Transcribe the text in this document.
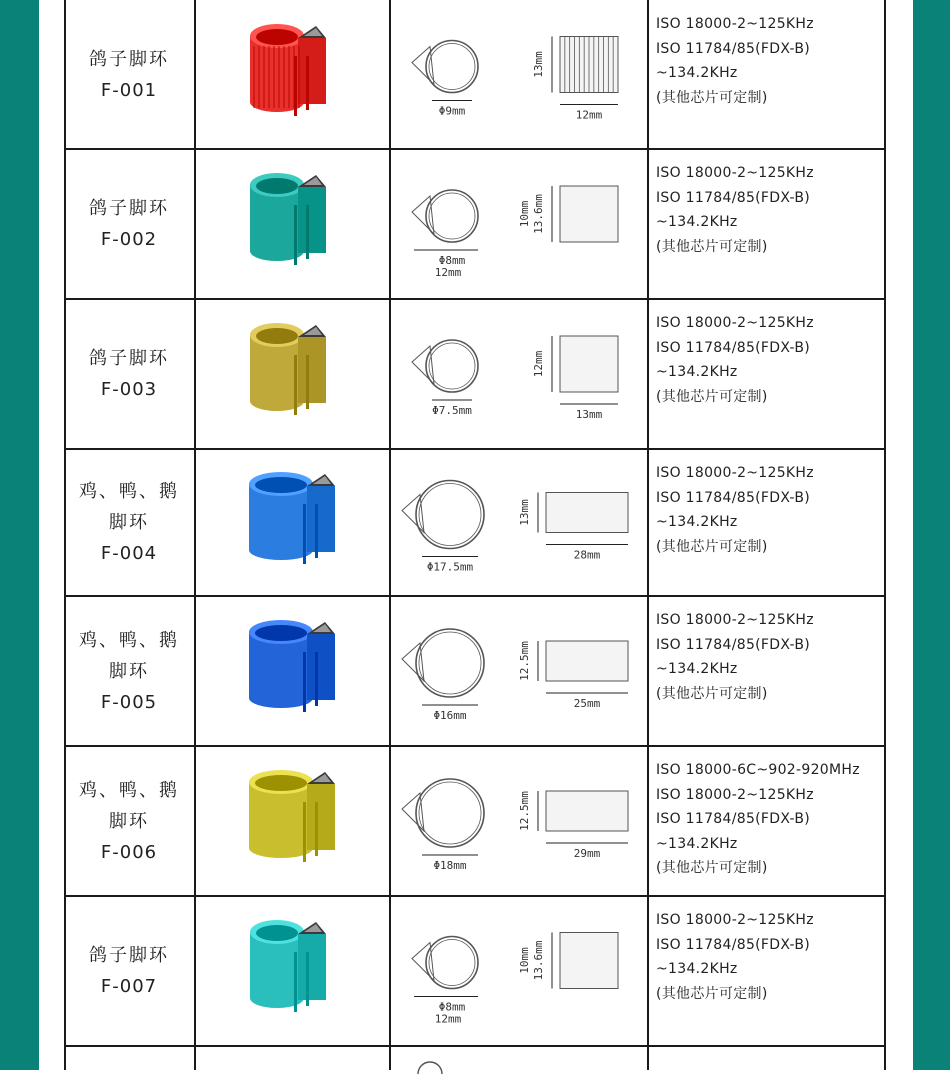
鸽子脚环
F-001
Φ9mm
13mm
12mm
ISO 18000-2~125KHz
ISO 11784/85(FDX-B)
~134.2KHz
(其他芯片可定制)
鸽子脚环
F-002
Φ8mm
13.6mm
12mm
10mm
ISO 18000-2~125KHz
ISO 11784/85(FDX-B)
~134.2KHz
(其他芯片可定制)
鸽子脚环
F-003
Φ7.5mm
12mm
13mm
ISO 18000-2~125KHz
ISO 11784/85(FDX-B)
~134.2KHz
(其他芯片可定制)
鸡、鸭、鹅
脚环
F-004
Φ17.5mm
13mm
28mm
ISO 18000-2~125KHz
ISO 11784/85(FDX-B)
~134.2KHz
(其他芯片可定制)
鸡、鸭、鹅
脚环
F-005
Φ16mm
12.5mm
25mm
ISO 18000-2~125KHz
ISO 11784/85(FDX-B)
~134.2KHz
(其他芯片可定制)
鸡、鸭、鹅
脚环
F-006
Φ18mm
12.5mm
29mm
ISO 18000-6C~902-920MHz
ISO 18000-2~125KHz
ISO 11784/85(FDX-B)
~134.2KHz
(其他芯片可定制)
鸽子脚环
F-007
Φ8mm
13.6mm
12mm
10mm
ISO 18000-2~125KHz
ISO 11784/85(FDX-B)
~134.2KHz
(其他芯片可定制)
